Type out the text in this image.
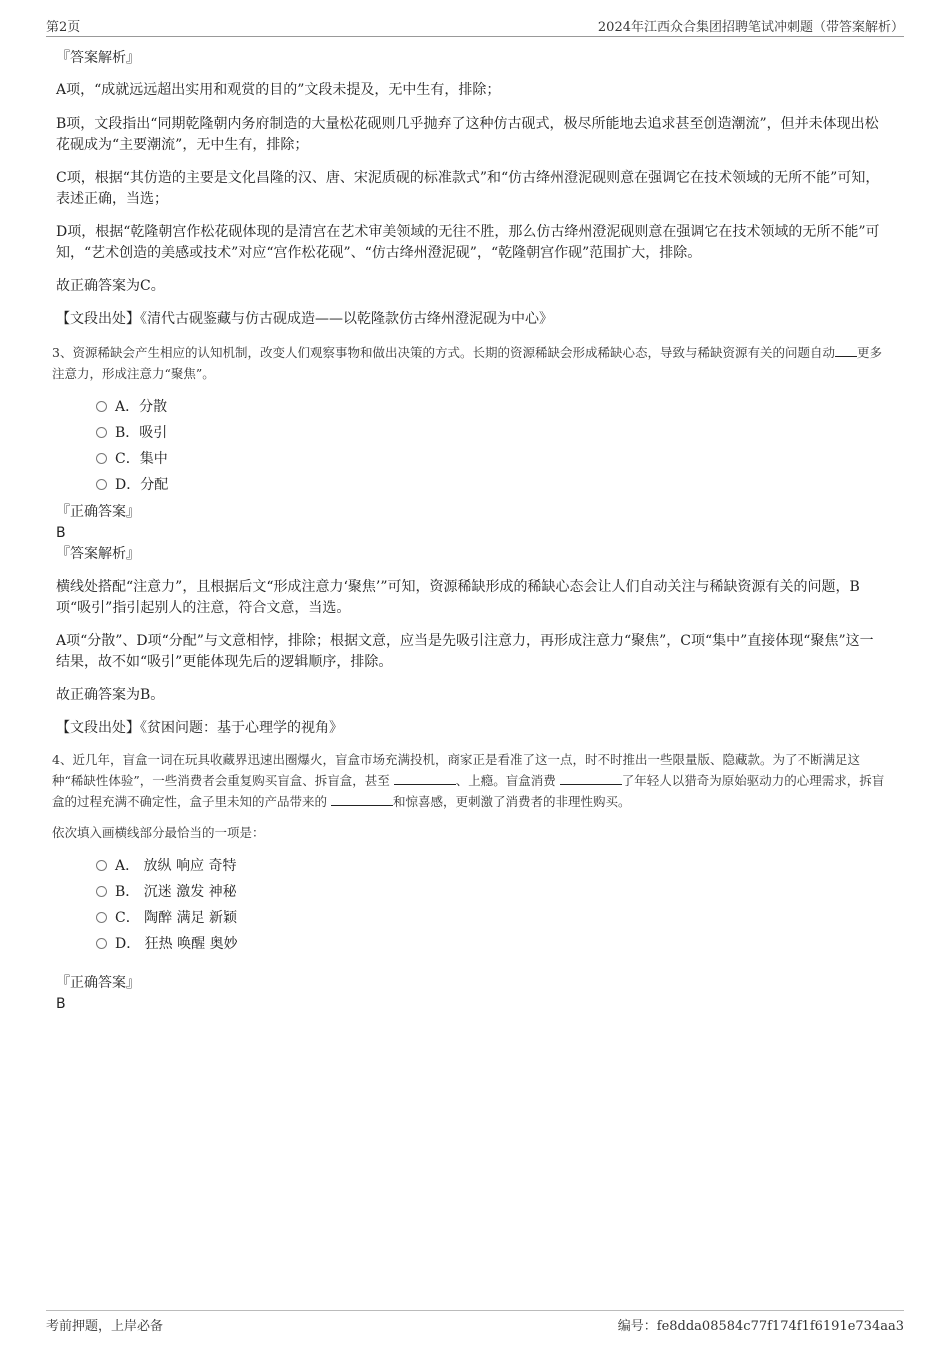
第2页	2024年江西众合集团招聘笔试冲刺题（带答案解析）

『答案解析』

A项，“成就远远超出实用和观赏的目的”文段未提及，无中生有，排除；

B项，文段指出“同期乾隆朝内务府制造的大量松花砚则几乎抛弃了这种仿古砚式，极尽所能地去追求甚至创造潮流”，但并未体现出松花砚成为“主要潮流”，无中生有，排除；

C项，根据“其仿造的主要是文化昌隆的汉、唐、宋泥质砚的标准款式”和“仿古绛州澄泥砚则意在强调它在技术领域的无所不能”可知，表述正确，当选；

D项，根据“乾隆朝宫作松花砚体现的是清宫在艺术审美领域的无往不胜，那么仿古绛州澄泥砚则意在强调它在技术领域的无所不能”可知，“艺术创造的美感或技术”对应“宫作松花砚”、“仿古绛州澄泥砚”，“乾隆朝宫作砚”范围扩大，排除。

故正确答案为C。

【文段出处】《清代古砚鉴藏与仿古砚成造——以乾隆款仿古绛州澄泥砚为中心》

3、资源稀缺会产生相应的认知机制，改变人们观察事物和做出决策的方式。长期的资源稀缺会形成稀缺心态，导致与稀缺资源有关的问题自动 更多注意力，形成注意力“聚焦”。

A．分散
B．吸引
C．集中
D．分配

『正确答案』

B

『答案解析』

横线处搭配“注意力”，且根据后文“形成注意力‘聚焦’”可知，资源稀缺形成的稀缺心态会让人们自动关注与稀缺资源有关的问题，B项“吸引”指引起别人的注意，符合文意，当选。

A项“分散”、D项“分配”与文意相悖，排除；根据文意，应当是先吸引注意力，再形成注意力“聚焦”，C项“集中”直接体现“聚焦”这一结果，故不如“吸引”更能体现先后的逻辑顺序，排除。

故正确答案为B。

【文段出处】《贫困问题：基于心理学的视角》

4、近几年，盲盒一词在玩具收藏界迅速出圈爆火，盲盒市场充满投机，商家正是看准了这一点，时不时推出一些限量版、隐藏款。为了不断满足这种“稀缺性体验”，一些消费者会重复购买盲盒、拆盲盒，甚至	、上瘾。盲盒消费	了年轻人以猎奇为原始驱动力的心理需求，拆盲盒的过程充满不确定性，盒子里未知的产品带来的	和惊喜感，更刺激了消费者的非理性购买。

依次填入画横线部分最恰当的一项是：

A． 放纵 响应 奇特
B． 沉迷 激发 神秘
C． 陶醉 满足 新颖
D． 狂热 唤醒 奥妙

『正确答案』

B

考前押题，上岸必备	编号：fe8dda08584c77f174f1f6191e734aa3
